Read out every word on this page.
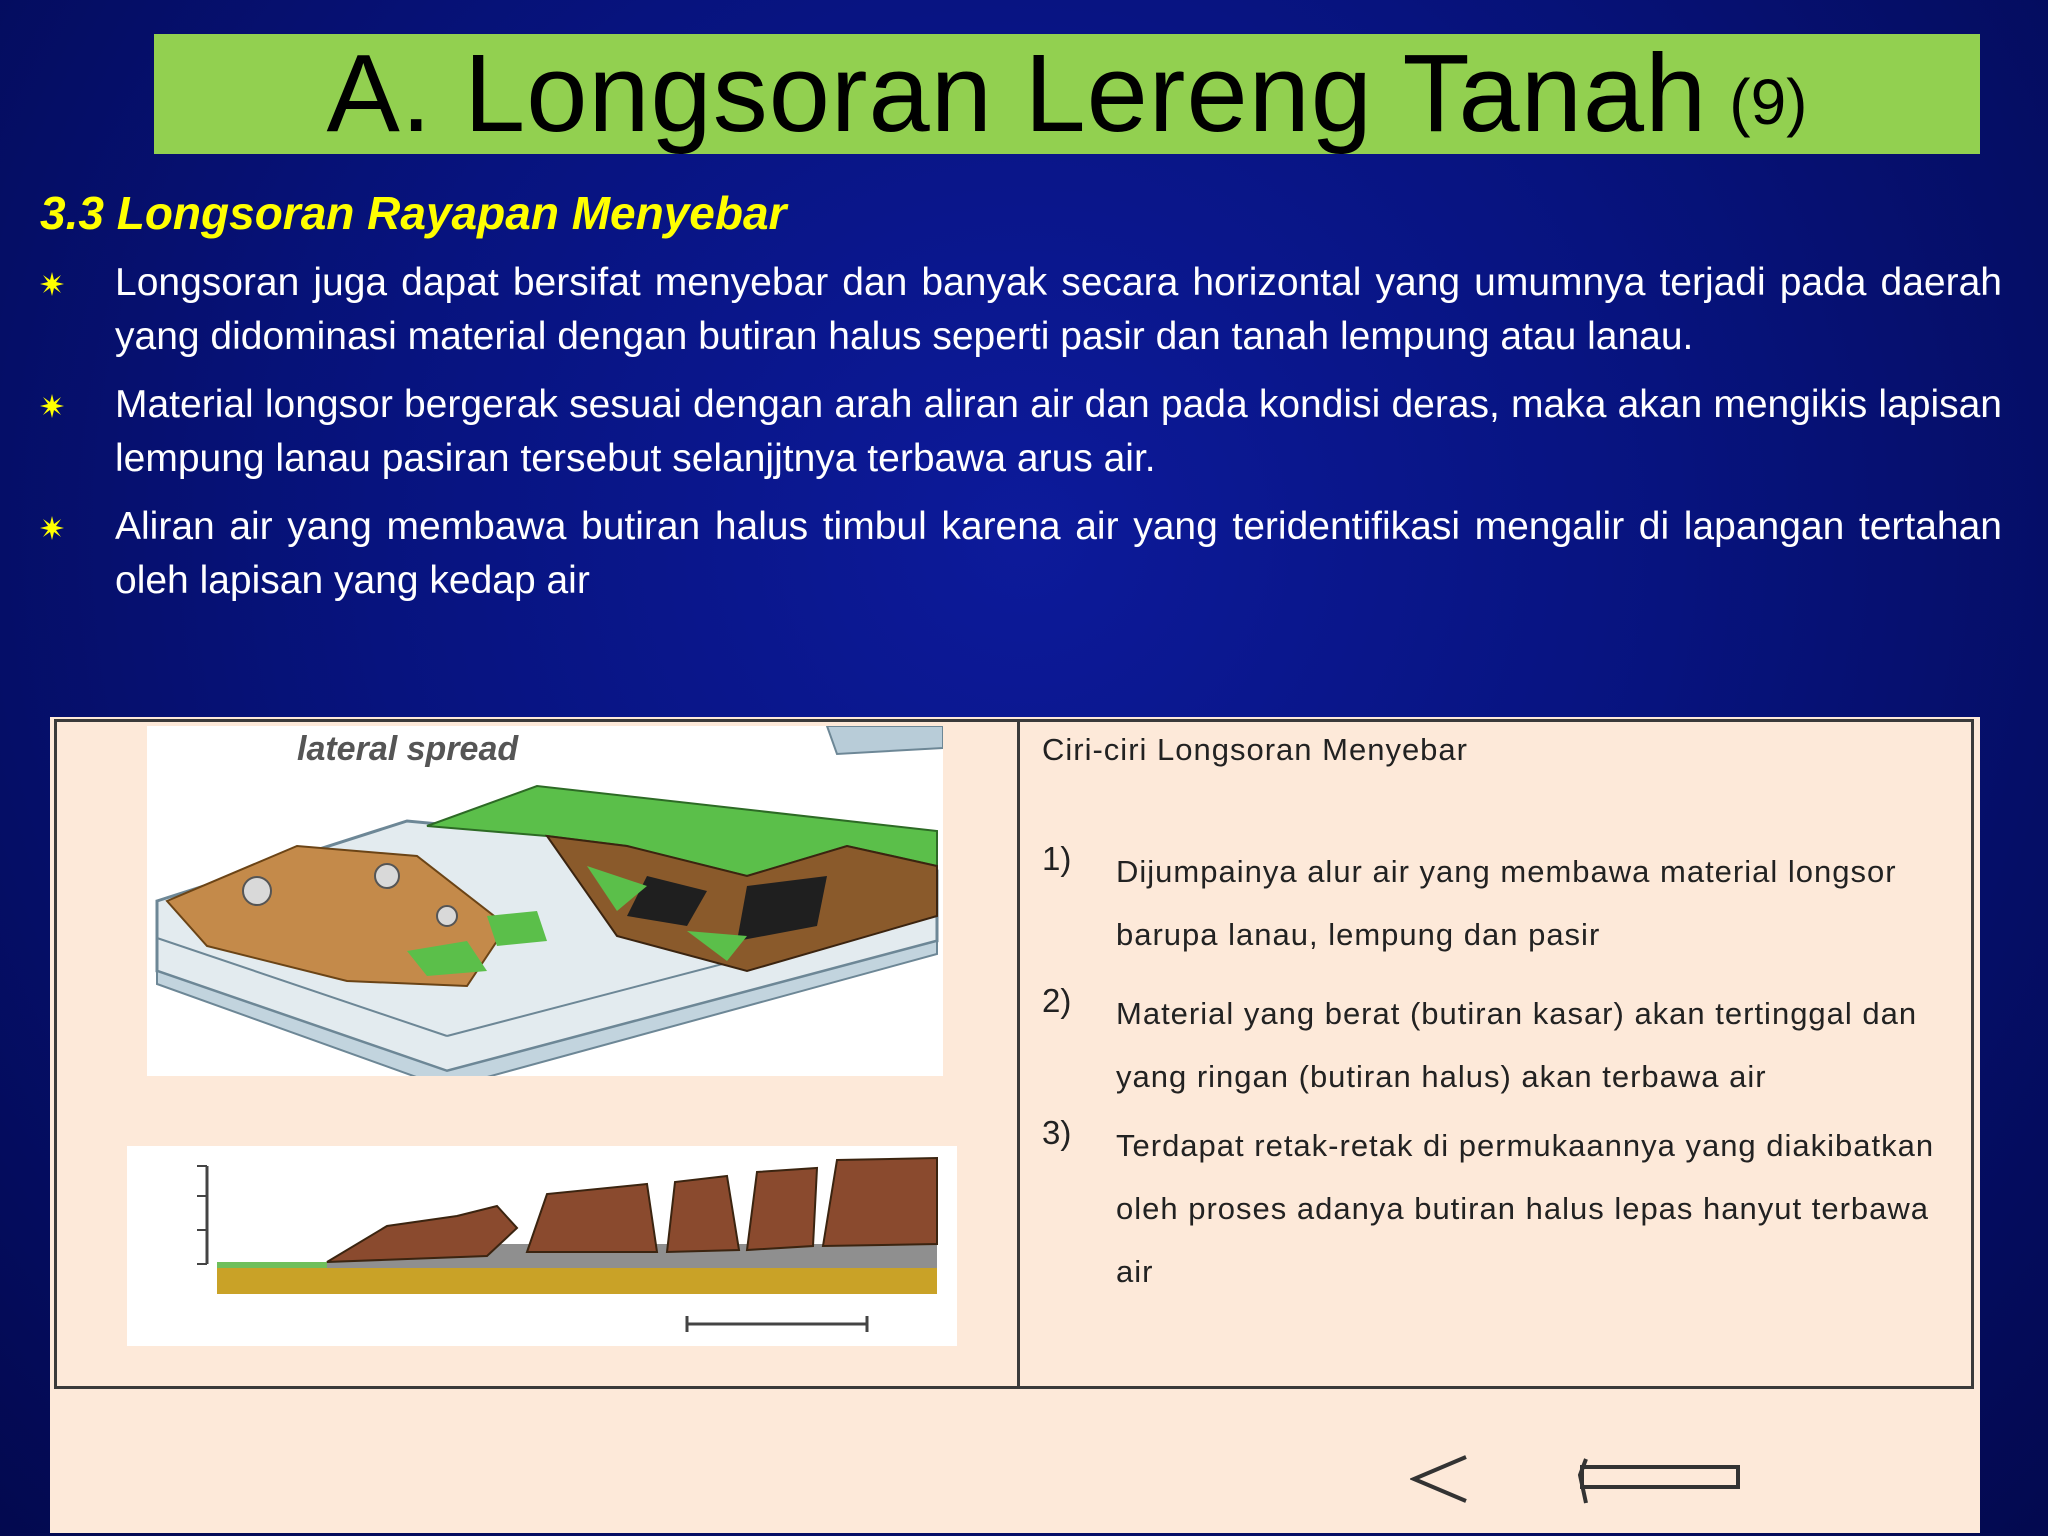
A. Longsoran Lereng Tanah (9)
3.3 Longsoran Rayapan Menyebar
Longsoran juga dapat bersifat menyebar dan banyak secara horizontal yang umumnya terjadi pada daerah yang didominasi material dengan butiran halus seperti pasir dan tanah lempung atau lanau.
Material longsor bergerak sesuai dengan arah aliran air dan pada kondisi deras, maka akan mengikis lapisan lempung lanau pasiran tersebut selanjjtnya terbawa arus air.
Aliran air yang membawa butiran halus timbul karena air yang teridentifikasi mengalir di lapangan tertahan oleh lapisan yang kedap air
lateral spread	Ciri-ciri Longsoran Menyebar
1) Dijumpainya alur air yang membawa material longsor barupa lanau, lempung dan pasir
2) Material yang berat (butiran kasar) akan tertinggal dan yang ringan (butiran halus) akan terbawa air
3) Terdapat retak-retak di permukaannya yang diakibatkan oleh proses adanya butiran halus lepas hanyut terbawa air
